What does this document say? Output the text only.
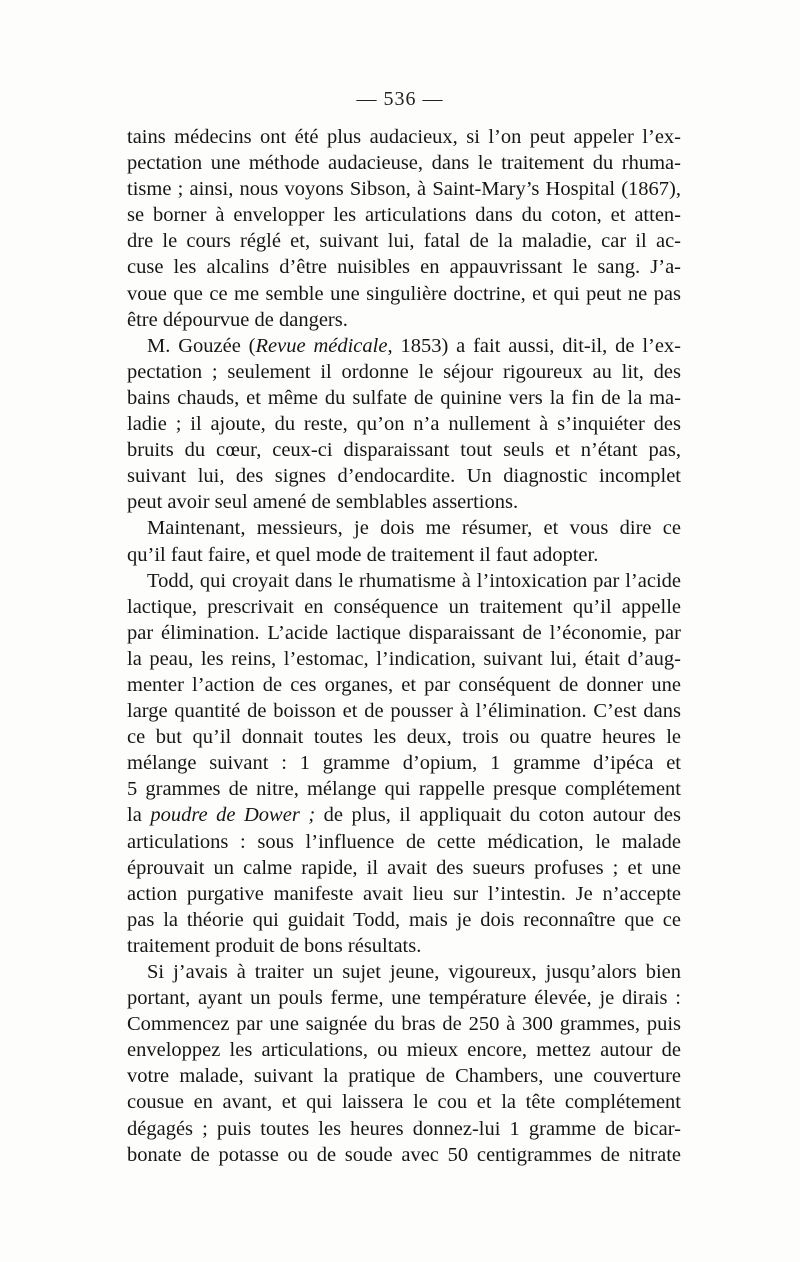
— 536 —
tains médecins ont été plus audacieux, si l’on peut appeler l’ex-
pectation une méthode audacieuse, dans le traitement du rhuma-
tisme ; ainsi, nous voyons Sibson, à Saint-Mary’s Hospital (1867),
se borner à envelopper les articulations dans du coton, et atten-
dre le cours réglé et, suivant lui, fatal de la maladie, car il ac-
cuse les alcalins d’être nuisibles en appauvrissant le sang. J’a-
voue que ce me semble une singulière doctrine, et qui peut ne pas
être dépourvue de dangers.
M. Gouzée (Revue médicale, 1853) a fait aussi, dit-il, de l’ex-
pectation ; seulement il ordonne le séjour rigoureux au lit, des
bains chauds, et même du sulfate de quinine vers la fin de la ma-
ladie ; il ajoute, du reste, qu’on n’a nullement à s’inquiéter des
bruits du cœur, ceux-ci disparaissant tout seuls et n’étant pas,
suivant lui, des signes d’endocardite. Un diagnostic incomplet
peut avoir seul amené de semblables assertions.
Maintenant, messieurs, je dois me résumer, et vous dire ce
qu’il faut faire, et quel mode de traitement il faut adopter.
Todd, qui croyait dans le rhumatisme à l’intoxication par l’acide
lactique, prescrivait en conséquence un traitement qu’il appelle
par élimination. L’acide lactique disparaissant de l’économie, par
la peau, les reins, l’estomac, l’indication, suivant lui, était d’aug-
menter l’action de ces organes, et par conséquent de donner une
large quantité de boisson et de pousser à l’élimination. C’est dans
ce but qu’il donnait toutes les deux, trois ou quatre heures le
mélange suivant : 1 gramme d’opium, 1 gramme d’ipéca et
5 grammes de nitre, mélange qui rappelle presque complétement
la poudre de Dower ; de plus, il appliquait du coton autour des
articulations : sous l’influence de cette médication, le malade
éprouvait un calme rapide, il avait des sueurs profuses ; et une
action purgative manifeste avait lieu sur l’intestin. Je n’accepte
pas la théorie qui guidait Todd, mais je dois reconnaître que ce
traitement produit de bons résultats.
Si j’avais à traiter un sujet jeune, vigoureux, jusqu’alors bien
portant, ayant un pouls ferme, une température élevée, je dirais :
Commencez par une saignée du bras de 250 à 300 grammes, puis
enveloppez les articulations, ou mieux encore, mettez autour de
votre malade, suivant la pratique de Chambers, une couverture
cousue en avant, et qui laissera le cou et la tête complétement
dégagés ; puis toutes les heures donnez-lui 1 gramme de bicar-
bonate de potasse ou de soude avec 50 centigrammes de nitrate
